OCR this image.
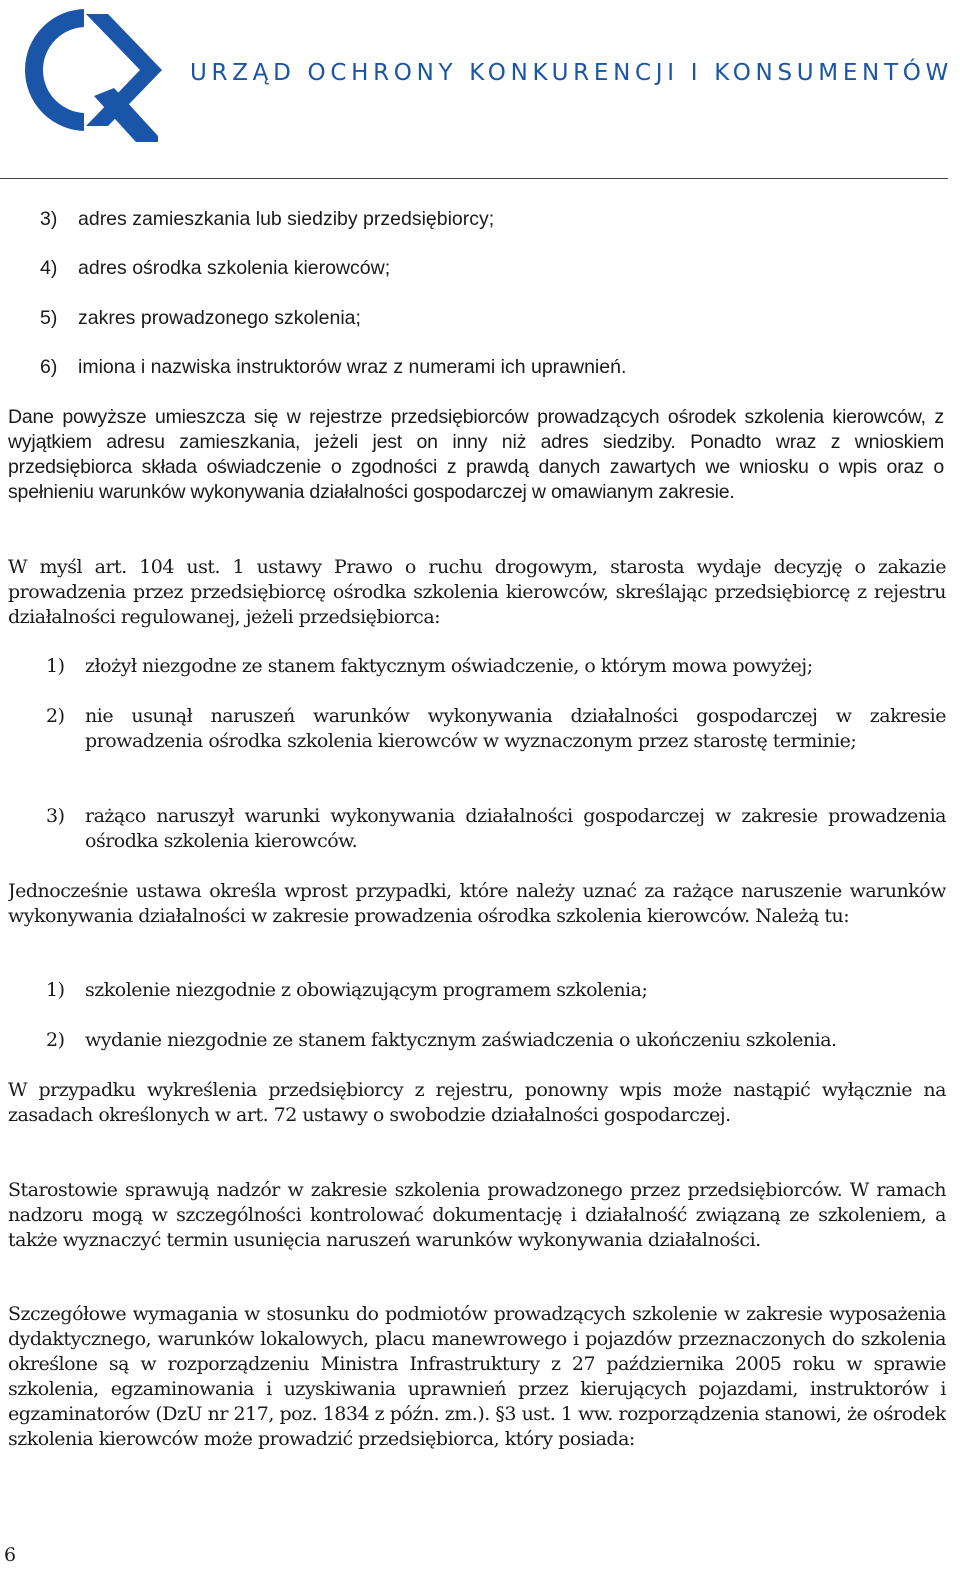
URZĄD OCHRONY KONKURENCJI I KONSUMENTÓW
3)	adres zamieszkania lub siedziby przedsiębiorcy;
4)	adres ośrodka szkolenia kierowców;
5)	zakres prowadzonego szkolenia;
6)	imiona i nazwiska instruktorów wraz z numerami ich uprawnień.

Dane powyższe umieszcza się w rejestrze przedsiębiorców prowadzących ośrodek szkolenia kierowców, z wyjątkiem adresu zamieszkania, jeżeli jest on inny niż adres siedziby. Ponadto wraz z wnioskiem przedsiębiorca składa oświadczenie o zgodności z prawdą danych zawartych we wniosku o wpis oraz o spełnieniu warunków wykonywania działalności gospodarczej w omawianym zakresie.

W myśl art. 104 ust. 1 ustawy Prawo o ruchu drogowym, starosta wydaje decyzję o zakazie prowadzenia przez przedsiębiorcę ośrodka szkolenia kierowców, skreślając przedsiębiorcę z rejestru działalności regulowanej, jeżeli przedsiębiorca:

1)	złożył niezgodne ze stanem faktycznym oświadczenie, o którym mowa powyżej;
2)	nie usunął naruszeń warunków wykonywania działalności gospodarczej w zakresie prowadzenia ośrodka szkolenia kierowców w wyznaczonym przez starostę terminie;
3)	rażąco naruszył warunki wykonywania działalności gospodarczej w zakresie prowadzenia ośrodka szkolenia kierowców.

Jednocześnie ustawa określa wprost przypadki, które należy uznać za rażące naruszenie warunków wykonywania działalności w zakresie prowadzenia ośrodka szkolenia kierowców. Należą tu:

1)	szkolenie niezgodnie z obowiązującym programem szkolenia;
2)	wydanie niezgodnie ze stanem faktycznym zaświadczenia o ukończeniu szkolenia.

W przypadku wykreślenia przedsiębiorcy z rejestru, ponowny wpis może nastąpić wyłącznie na zasadach określonych w art. 72 ustawy o swobodzie działalności gospodarczej.

Starostowie sprawują nadzór w zakresie szkolenia prowadzonego przez przedsiębiorców. W ramach nadzoru mogą w szczególności kontrolować dokumentację i działalność związaną ze szkoleniem, a także wyznaczyć termin usunięcia naruszeń warunków wykonywania działalności.

Szczegółowe wymagania w stosunku do podmiotów prowadzących szkolenie w zakresie wyposażenia dydaktycznego, warunków lokalowych, placu manewrowego i pojazdów przeznaczonych do szkolenia określone są w rozporządzeniu Ministra Infrastruktury z 27 października 2005 roku w sprawie szkolenia, egzaminowania i uzyskiwania uprawnień przez kierujących pojazdami, instruktorów i egzaminatorów (DzU nr 217, poz. 1834 z późn. zm.). §3 ust. 1 ww. rozporządzenia stanowi, że ośrodek szkolenia kierowców może prowadzić przedsiębiorca, który posiada:

6
